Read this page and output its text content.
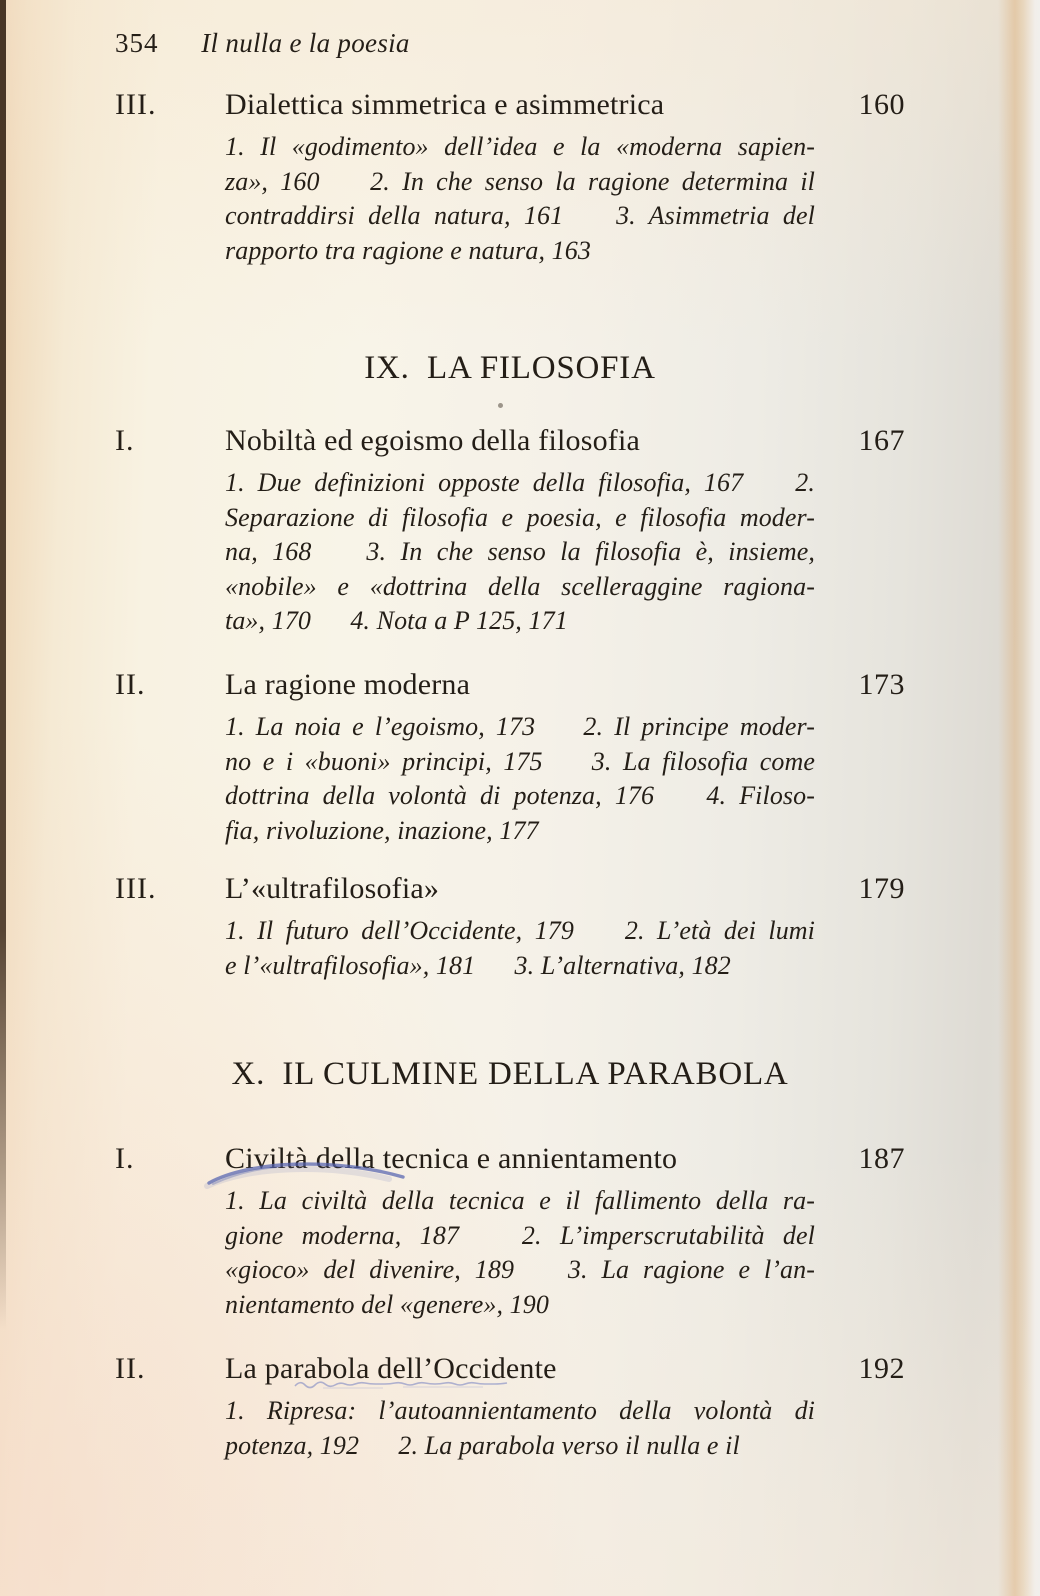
354 Il nulla e la poesia
III. Dialettica simmetrica e asimmetrica	160
1. Il «godimento» dell’idea e la «moderna sapien-
za», 160   2. In che senso la ragione determina il
contraddirsi della natura, 161   3. Asimmetria del
rapporto tra ragione e natura, 163
IX. LA FILOSOFIA
I.	Nobiltà ed egoismo della filosofia	167
1. Due definizioni opposte della filosofia, 167   2.
Separazione di filosofia e poesia, e filosofia moder-
na, 168   3. In che senso la filosofia è, insieme,
«nobile» e «dottrina della scelleraggine ragiona-
ta», 170   4. Nota a P 125, 171
II.	La ragione moderna	173
1. La noia e l’egoismo, 173   2. Il principe moder-
no e i «buoni» principi, 175   3. La filosofia come
dottrina della volontà di potenza, 176   4. Filoso-
fia, rivoluzione, inazione, 177
III. L’«ultrafilosofia»	179
1. Il futuro dell’Occidente, 179   2. L’età dei lumi
e l’«ultrafilosofia», 181   3. L’alternativa, 182
X. IL CULMINE DELLA PARABOLA
I.	Civiltà della tecnica e annientamento	187
1. La civiltà della tecnica e il fallimento della ra-
gione moderna, 187   2. L’imperscrutabilità del
«gioco» del divenire, 189   3. La ragione e l’an-
nientamento del «genere», 190
II.	La parabola dell’Occidente	192
1. Ripresa: l’autoannientamento della volontà di
potenza, 192   2. La parabola verso il nulla e il
